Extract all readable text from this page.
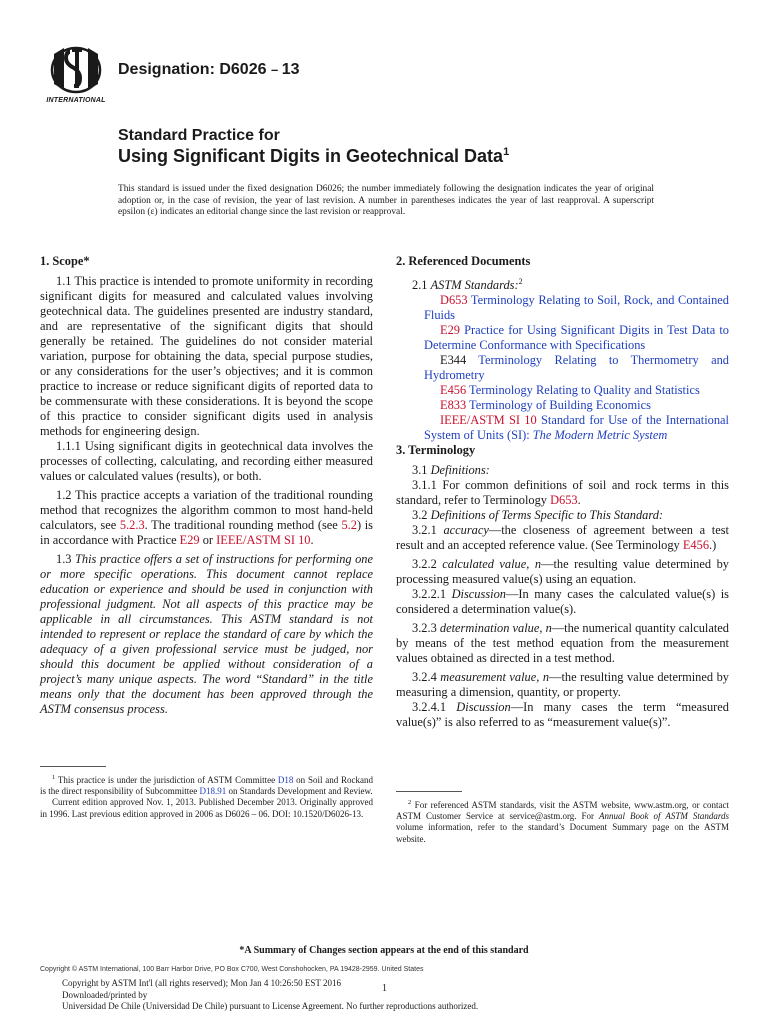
INTERNATIONAL
Designation: D6026 – 13
Standard Practice for
Using Significant Digits in Geotechnical Data$^1$
This standard is issued under the fixed designation D6026; the number immediately following the designation indicates the year of original adoption or, in the case of revision, the year of last revision. A number in parentheses indicates the year of last reapproval. A superscript epsilon (ε) indicates an editorial change since the last revision or reapproval.
1. Scope*

1.1 This practice is intended to promote uniformity in recording significant digits for measured and calculated values involving geotechnical data. The guidelines presented are industry standard, and are representative of the significant digits that should generally be retained. The guidelines do not consider material variation, purpose for obtaining the data, special purpose studies, or any considerations for the user’s objectives; and it is common practice to increase or reduce significant digits of reported data to be commensurate with these considerations. It is beyond the scope of this practice to consider significant digits used in analysis methods for engineering design.

1.1.1 Using significant digits in geotechnical data involves the processes of collecting, calculating, and recording either measured values or calculated values (results), or both.

1.2 This practice accepts a variation of the traditional rounding method that recognizes the algorithm common to most hand-held calculators, see 5.2.3. The traditional rounding method (see 5.2) is in accordance with Practice E29 or IEEE/ASTM SI 10.

1.3 This practice offers a set of instructions for performing one or more specific operations. This document cannot replace education or experience and should be used in conjunction with professional judgment. Not all aspects of this practice may be applicable in all circumstances. This ASTM standard is not intended to represent or replace the standard of care by which the adequacy of a given professional service must be judged, nor should this document be applied without consideration of a project’s many unique aspects. The word “Standard” in the title means only that the document has been approved through the ASTM consensus process.

2. Referenced Documents

2.1 ASTM Standards:$^2$

D653 Terminology Relating to Soil, Rock, and Contained Fluids

E29 Practice for Using Significant Digits in Test Data to Determine Conformance with Specifications

E344 Terminology Relating to Thermometry and Hydrometry

E456 Terminology Relating to Quality and Statistics

E833 Terminology of Building Economics

IEEE/ASTM SI 10 Standard for Use of the International System of Units (SI): The Modern Metric System

3. Terminology

3.1 Definitions:

3.1.1 For common definitions of soil and rock terms in this standard, refer to Terminology D653.

3.2 Definitions of Terms Specific to This Standard:

3.2.1 accuracy—the closeness of agreement between a test result and an accepted reference value. (See Terminology E456.)

3.2.2 calculated value, n—the resulting value determined by processing measured value(s) using an equation.

3.2.2.1 Discussion—In many cases the calculated value(s) is considered a determination value(s).

3.2.3 determination value, n—the numerical quantity calculated by means of the test method equation from the measurement values obtained as directed in a test method.

3.2.4 measurement value, n—the resulting value determined by measuring a dimension, quantity, or property.

3.2.4.1 Discussion—In many cases the term “measured value(s)” is also referred to as “measurement value(s)”.

$^1$ This practice is under the jurisdiction of ASTM Committee D18 on Soil and Rockand is the direct responsibility of Subcommittee D18.91 on Standards Development and Review.

Current edition approved Nov. 1, 2013. Published December 2013. Originally approved in 1996. Last previous edition approved in 2006 as D6026 – 06. DOI: 10.1520/D6026-13.

$^2$ For referenced ASTM standards, visit the ASTM website, www.astm.org, or contact ASTM Customer Service at service@astm.org. For Annual Book of ASTM Standards volume information, refer to the standard’s Document Summary page on the ASTM website.

*A Summary of Changes section appears at the end of this standard
Copyright © ASTM International, 100 Barr Harbor Drive, PO Box C700, West Conshohocken, PA 19428-2959. United States
Copyright by ASTM Int'l (all rights reserved); Mon Jan 4 10:26:50 EST 2016
Downloaded/printed by
Universidad De Chile (Universidad De Chile) pursuant to License Agreement. No further reproductions authorized.
1
